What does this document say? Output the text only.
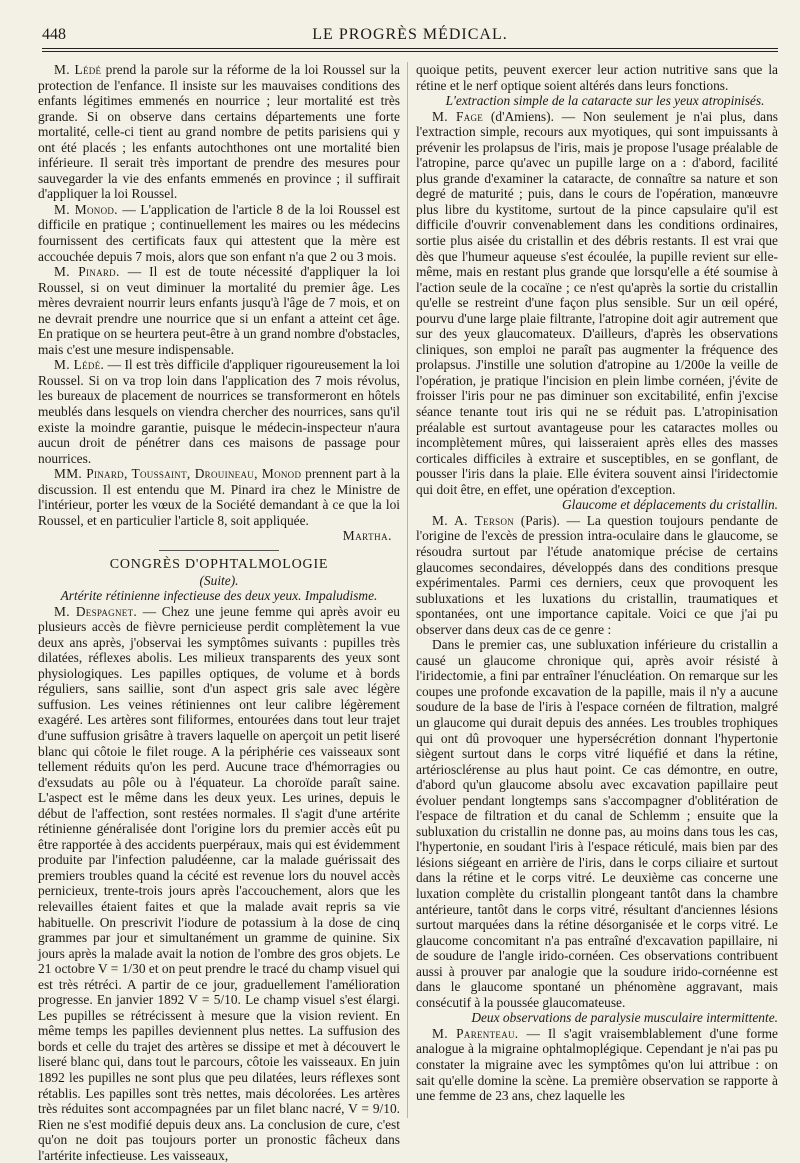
448	LE PROGRÈS MÉDICAL.

M. Lédé prend la parole sur la réforme de la loi Roussel sur la protection de l'enfance. Il insiste sur les mauvaises conditions des enfants légitimes emmenés en nourrice ; leur mortalité est très grande. Si on observe dans certains départements une forte mortalité, celle-ci tient au grand nombre de petits parisiens qui y ont été placés ; les enfants autochthones ont une mortalité bien inférieure. Il serait très important de prendre des mesures pour sauvegarder la vie des enfants emmenés en province ; il suffirait d'appliquer la loi Roussel.

M. Monod. — L'application de l'article 8 de la loi Roussel est difficile en pratique ; continuellement les maires ou les médecins fournissent des certificats faux qui attestent que la mère est accouchée depuis 7 mois, alors que son enfant n'a que 2 ou 3 mois.

M. Pinard. — Il est de toute nécessité d'appliquer la loi Roussel, si on veut diminuer la mortalité du premier âge. Les mères devraient nourrir leurs enfants jusqu'à l'âge de 7 mois, et on ne devrait prendre une nourrice que si un enfant a atteint cet âge. En pratique on se heurtera peut-être à un grand nombre d'obstacles, mais c'est une mesure indispensable.

M. Lédé. — Il est très difficile d'appliquer rigoureusement la loi Roussel. Si on va trop loin dans l'application des 7 mois révolus, les bureaux de placement de nourrices se transformeront en hôtels meublés dans lesquels on viendra chercher des nourrices, sans qu'il existe la moindre garantie, puisque le médecin-inspecteur n'aura aucun droit de pénétrer dans ces maisons de passage pour nourrices.

MM. Pinard, Toussaint, Drouineau, Monod prennent part à la discussion. Il est entendu que M. Pinard ira chez le Ministre de l'intérieur, porter les vœux de la Société demandant à ce que la loi Roussel, et en particulier l'article 8, soit appliquée.

Martha.

CONGRÈS D'OPHTALMOLOGIE

(Suite).

Artérite rétinienne infectieuse des deux yeux. Impaludisme.

M. Despagnet. — Chez une jeune femme qui après avoir eu plusieurs accès de fièvre pernicieuse perdit complètement la vue deux ans après, j'observai les symptômes suivants : pupilles très dilatées, réflexes abolis. Les milieux transparents des yeux sont physiologiques. Les papilles optiques, de volume et à bords réguliers, sans saillie, sont d'un aspect gris sale avec légère suffusion. Les veines rétiniennes ont leur calibre légèrement exagéré. Les artères sont filiformes, entourées dans tout leur trajet d'une suffusion grisâtre à travers laquelle on aperçoit un petit liseré blanc qui côtoie le filet rouge. A la périphérie ces vaisseaux sont tellement réduits qu'on les perd. Aucune trace d'hémorragies ou d'exsudats au pôle ou à l'équateur. La choroïde paraît saine. L'aspect est le même dans les deux yeux. Les urines, depuis le début de l'affection, sont restées normales. Il s'agit d'une artérite rétinienne généralisée dont l'origine lors du premier accès eût pu être rapportée à des accidents puerpéraux, mais qui est évidemment produite par l'infection paludéenne, car la malade guérissait des premiers troubles quand la cécité est revenue lors du nouvel accès pernicieux, trente-trois jours après l'accouchement, alors que les relevailles étaient faites et que la malade avait repris sa vie habituelle. On prescrivit l'iodure de potassium à la dose de cinq grammes par jour et simultanément un gramme de quinine. Six jours après la malade avait la notion de l'ombre des gros objets. Le 21 octobre V = 1/30 et on peut prendre le tracé du champ visuel qui est très rétréci. A partir de ce jour, graduellement l'amélioration progresse. En janvier 1892 V = 5/10. Le champ visuel s'est élargi. Les pupilles se rétrécissent à mesure que la vision revient. En même temps les papilles deviennent plus nettes. La suffusion des bords et celle du trajet des artères se dissipe et met à découvert le liseré blanc qui, dans tout le parcours, côtoie les vaisseaux. En juin 1892 les pupilles ne sont plus que peu dilatées, leurs réflexes sont rétablis. Les papilles sont très nettes, mais décolorées. Les artères très réduites sont accompagnées par un filet blanc nacré, V = 9/10. Rien ne s'est modifié depuis deux ans. La conclusion de cure, c'est qu'on ne doit pas toujours porter un pronostic fâcheux dans l'artérite infectieuse. Les vaisseaux,

quoique petits, peuvent exercer leur action nutritive sans que la rétine et le nerf optique soient altérés dans leurs fonctions.

L'extraction simple de la cataracte sur les yeux atropinisés.

M. Fage (d'Amiens). — Non seulement je n'ai plus, dans l'extraction simple, recours aux myotiques, qui sont impuissants à prévenir les prolapsus de l'iris, mais je propose l'usage préalable de l'atropine, parce qu'avec un pupille large on a : d'abord, facilité plus grande d'examiner la cataracte, de connaître sa nature et son degré de maturité ; puis, dans le cours de l'opération, manœuvre plus libre du kystitome, surtout de la pince capsulaire qu'il est difficile d'ouvrir convenablement dans les conditions ordinaires, sortie plus aisée du cristallin et des débris restants. Il est vrai que dès que l'humeur aqueuse s'est écoulée, la pupille revient sur elle-même, mais en restant plus grande que lorsqu'elle a été soumise à l'action seule de la cocaïne ; ce n'est qu'après la sortie du cristallin qu'elle se restreint d'une façon plus sensible. Sur un œil opéré, pourvu d'une large plaie filtrante, l'atropine doit agir autrement que sur des yeux glaucomateux. D'ailleurs, d'après les observations cliniques, son emploi ne paraît pas augmenter la fréquence des prolapsus. J'instille une solution d'atropine au 1/200e la veille de l'opération, je pratique l'incision en plein limbe cornéen, j'évite de froisser l'iris pour ne pas diminuer son excitabilité, enfin j'excise séance tenante tout iris qui ne se réduit pas. L'atropinisation préalable est surtout avantageuse pour les cataractes molles ou incomplètement mûres, qui laisseraient après elles des masses corticales difficiles à extraire et susceptibles, en se gonflant, de pousser l'iris dans la plaie. Elle évitera souvent ainsi l'iridectomie qui doit être, en effet, une opération d'exception.

Glaucome et déplacements du cristallin.

M. A. Terson (Paris). — La question toujours pendante de l'origine de l'excès de pression intra-oculaire dans le glaucome, se résoudra surtout par l'étude anatomique précise de certains glaucomes secondaires, développés dans des conditions presque expérimentales. Parmi ces derniers, ceux que provoquent les subluxations et les luxations du cristallin, traumatiques et spontanées, ont une importance capitale. Voici ce que j'ai pu observer dans deux cas de ce genre :

Dans le premier cas, une subluxation inférieure du cristallin a causé un glaucome chronique qui, après avoir résisté à l'iridectomie, a fini par entraîner l'énucléation. On remarque sur les coupes une profonde excavation de la papille, mais il n'y a aucune soudure de la base de l'iris à l'espace cornéen de filtration, malgré un glaucome qui durait depuis des années. Les troubles trophiques qui ont dû provoquer une hypersécrétion donnant l'hypertonie siègent surtout dans le corps vitré liquéfié et dans la rétine, artériosclérense au plus haut point. Ce cas démontre, en outre, d'abord qu'un glaucome absolu avec excavation papillaire peut évoluer pendant longtemps sans s'accompagner d'oblitération de l'espace de filtration et du canal de Schlemm ; ensuite que la subluxation du cristallin ne donne pas, au moins dans tous les cas, l'hypertonie, en soudant l'iris à l'espace réticulé, mais bien par des lésions siégeant en arrière de l'iris, dans le corps ciliaire et surtout dans la rétine et le corps vitré. Le deuxième cas concerne une luxation complète du cristallin plongeant tantôt dans la chambre antérieure, tantôt dans le corps vitré, résultant d'anciennes lésions surtout marquées dans la rétine désorganisée et le corps vitré. Le glaucome concomitant n'a pas entraîné d'excavation papillaire, ni de soudure de l'angle irido-cornéen. Ces observations contribuent aussi à prouver par analogie que la soudure irido-cornéenne est dans le glaucome spontané un phénomène aggravant, mais consécutif à la poussée glaucomateuse.

Deux observations de paralysie musculaire intermittente.

M. Parenteau. — Il s'agit vraisemblablement d'une forme analogue à la migraine ophtalmoplégique. Cependant je n'ai pas pu constater la migraine avec les symptômes qu'on lui attribue : on sait qu'elle domine la scène. La première observation se rapporte à une femme de 23 ans, chez laquelle les
